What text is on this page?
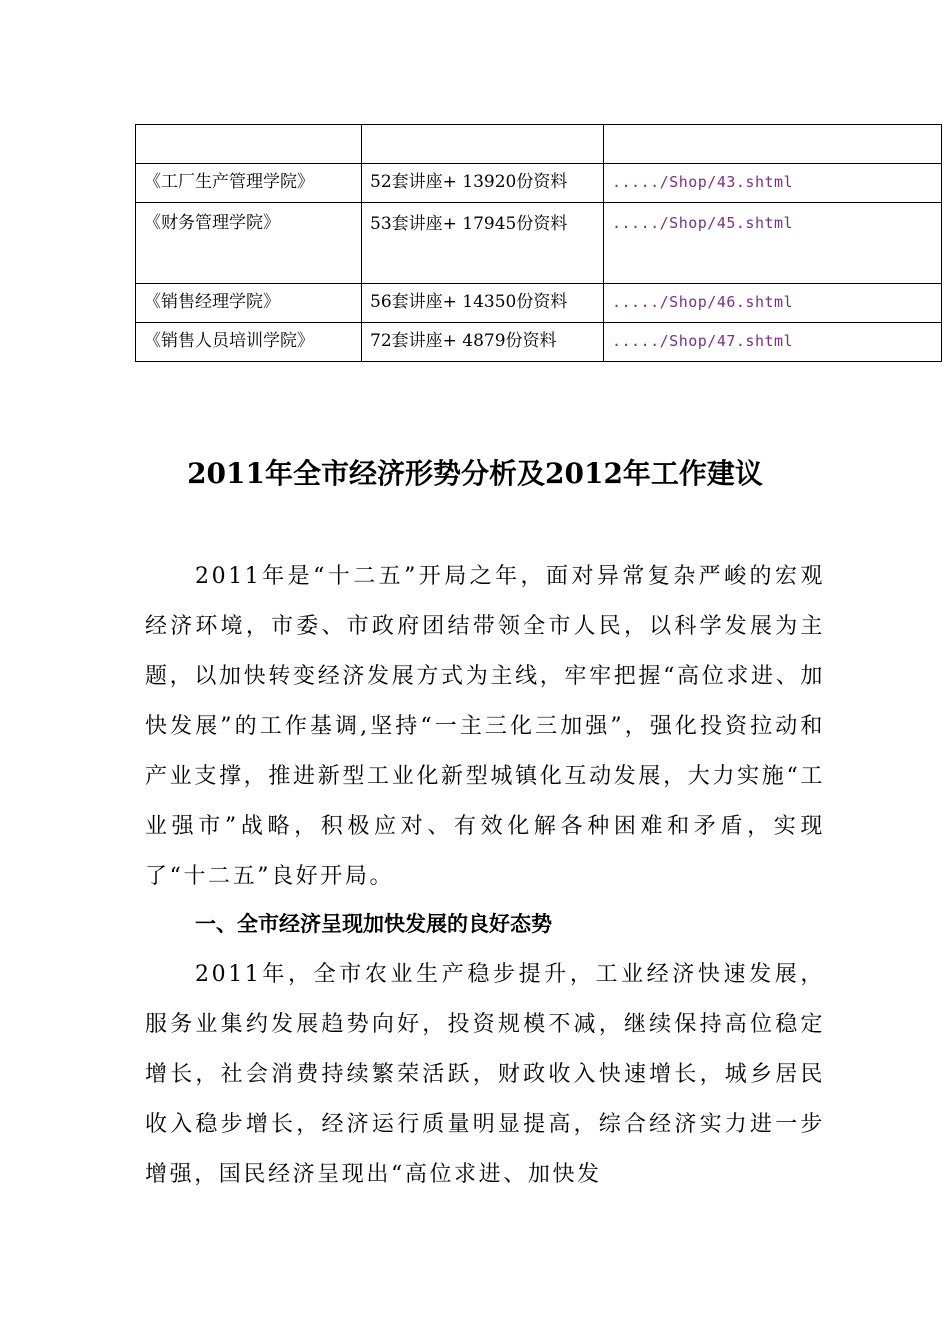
《工厂生产管理学院》	52套讲座+ 13920份资料	...../Shop/43.shtml
《财务管理学院》	53套讲座+ 17945份资料	...../Shop/45.shtml
《销售经理学院》	56套讲座+ 14350份资料	...../Shop/46.shtml
《销售人员培训学院》	72套讲座+ 4879份资料	...../Shop/47.shtml
2011年全市经济形势分析及2012年工作建议

2011年是“十二五”开局之年，面对异常复杂严峻的宏观经济环境，市委、市政府团结带领全市人民，以科学发展为主题，以加快转变经济发展方式为主线，牢牢把握“高位求进、加快发展”的工作基调,坚持“一主三化三加强”，强化投资拉动和产业支撑，推进新型工业化新型城镇化互动发展，大力实施“工业强市”战略，积极应对、有效化解各种困难和矛盾，实现了“十二五”良好开局。

一、全市经济呈现加快发展的良好态势

2011年，全市农业生产稳步提升，工业经济快速发展，服务业集约发展趋势向好，投资规模不减，继续保持高位稳定增长，社会消费持续繁荣活跃，财政收入快速增长，城乡居民收入稳步增长，经济运行质量明显提高，综合经济实力进一步增强，国民经济呈现出“高位求进、加快发
